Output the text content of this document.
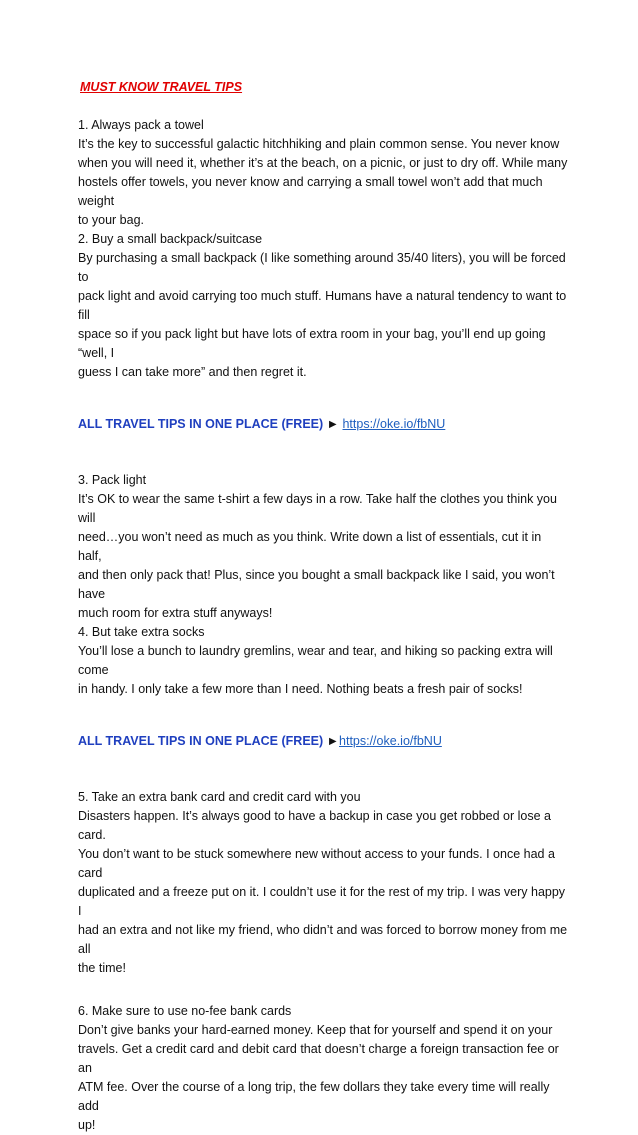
MUST KNOW TRAVEL TIPS

1. Always pack a towel

It’s the key to successful galactic hitchhiking and plain common sense. You never know
when you will need it, whether it’s at the beach, on a picnic, or just to dry off. While many
hostels offer towels, you never know and carrying a small towel won’t add that much weight
to your bag.

2. Buy a small backpack/suitcase

By purchasing a small backpack (I like something around 35/40 liters), you will be forced to
pack light and avoid carrying too much stuff. Humans have a natural tendency to want to fill
space so if you pack light but have lots of extra room in your bag, you’ll end up going “well, I
guess I can take more” and then regret it.

ALL TRAVEL TIPS IN ONE PLACE (FREE) ► https://oke.io/fbNU

3. Pack light

It’s OK to wear the same t-shirt a few days in a row. Take half the clothes you think you will
need…you won’t need as much as you think. Write down a list of essentials, cut it in half,
and then only pack that! Plus, since you bought a small backpack like I said, you won’t have
much room for extra stuff anyways!

4. But take extra socks

You’ll lose a bunch to laundry gremlins, wear and tear, and hiking so packing extra will come
in handy. I only take a few more than I need. Nothing beats a fresh pair of socks!

ALL TRAVEL TIPS IN ONE PLACE (FREE) ►https://oke.io/fbNU

5. Take an extra bank card and credit card with you

Disasters happen. It’s always good to have a backup in case you get robbed or lose a card.
You don’t want to be stuck somewhere new without access to your funds. I once had a card
duplicated and a freeze put on it. I couldn’t use it for the rest of my trip. I was very happy I
had an extra and not like my friend, who didn’t and was forced to borrow money from me all
the time!

6. Make sure to use no-fee bank cards

Don’t give banks your hard-earned money. Keep that for yourself and spend it on your
travels. Get a credit card and debit card that doesn’t charge a foreign transaction fee or an
ATM fee. Over the course of a long trip, the few dollars they take every time will really add
up!
